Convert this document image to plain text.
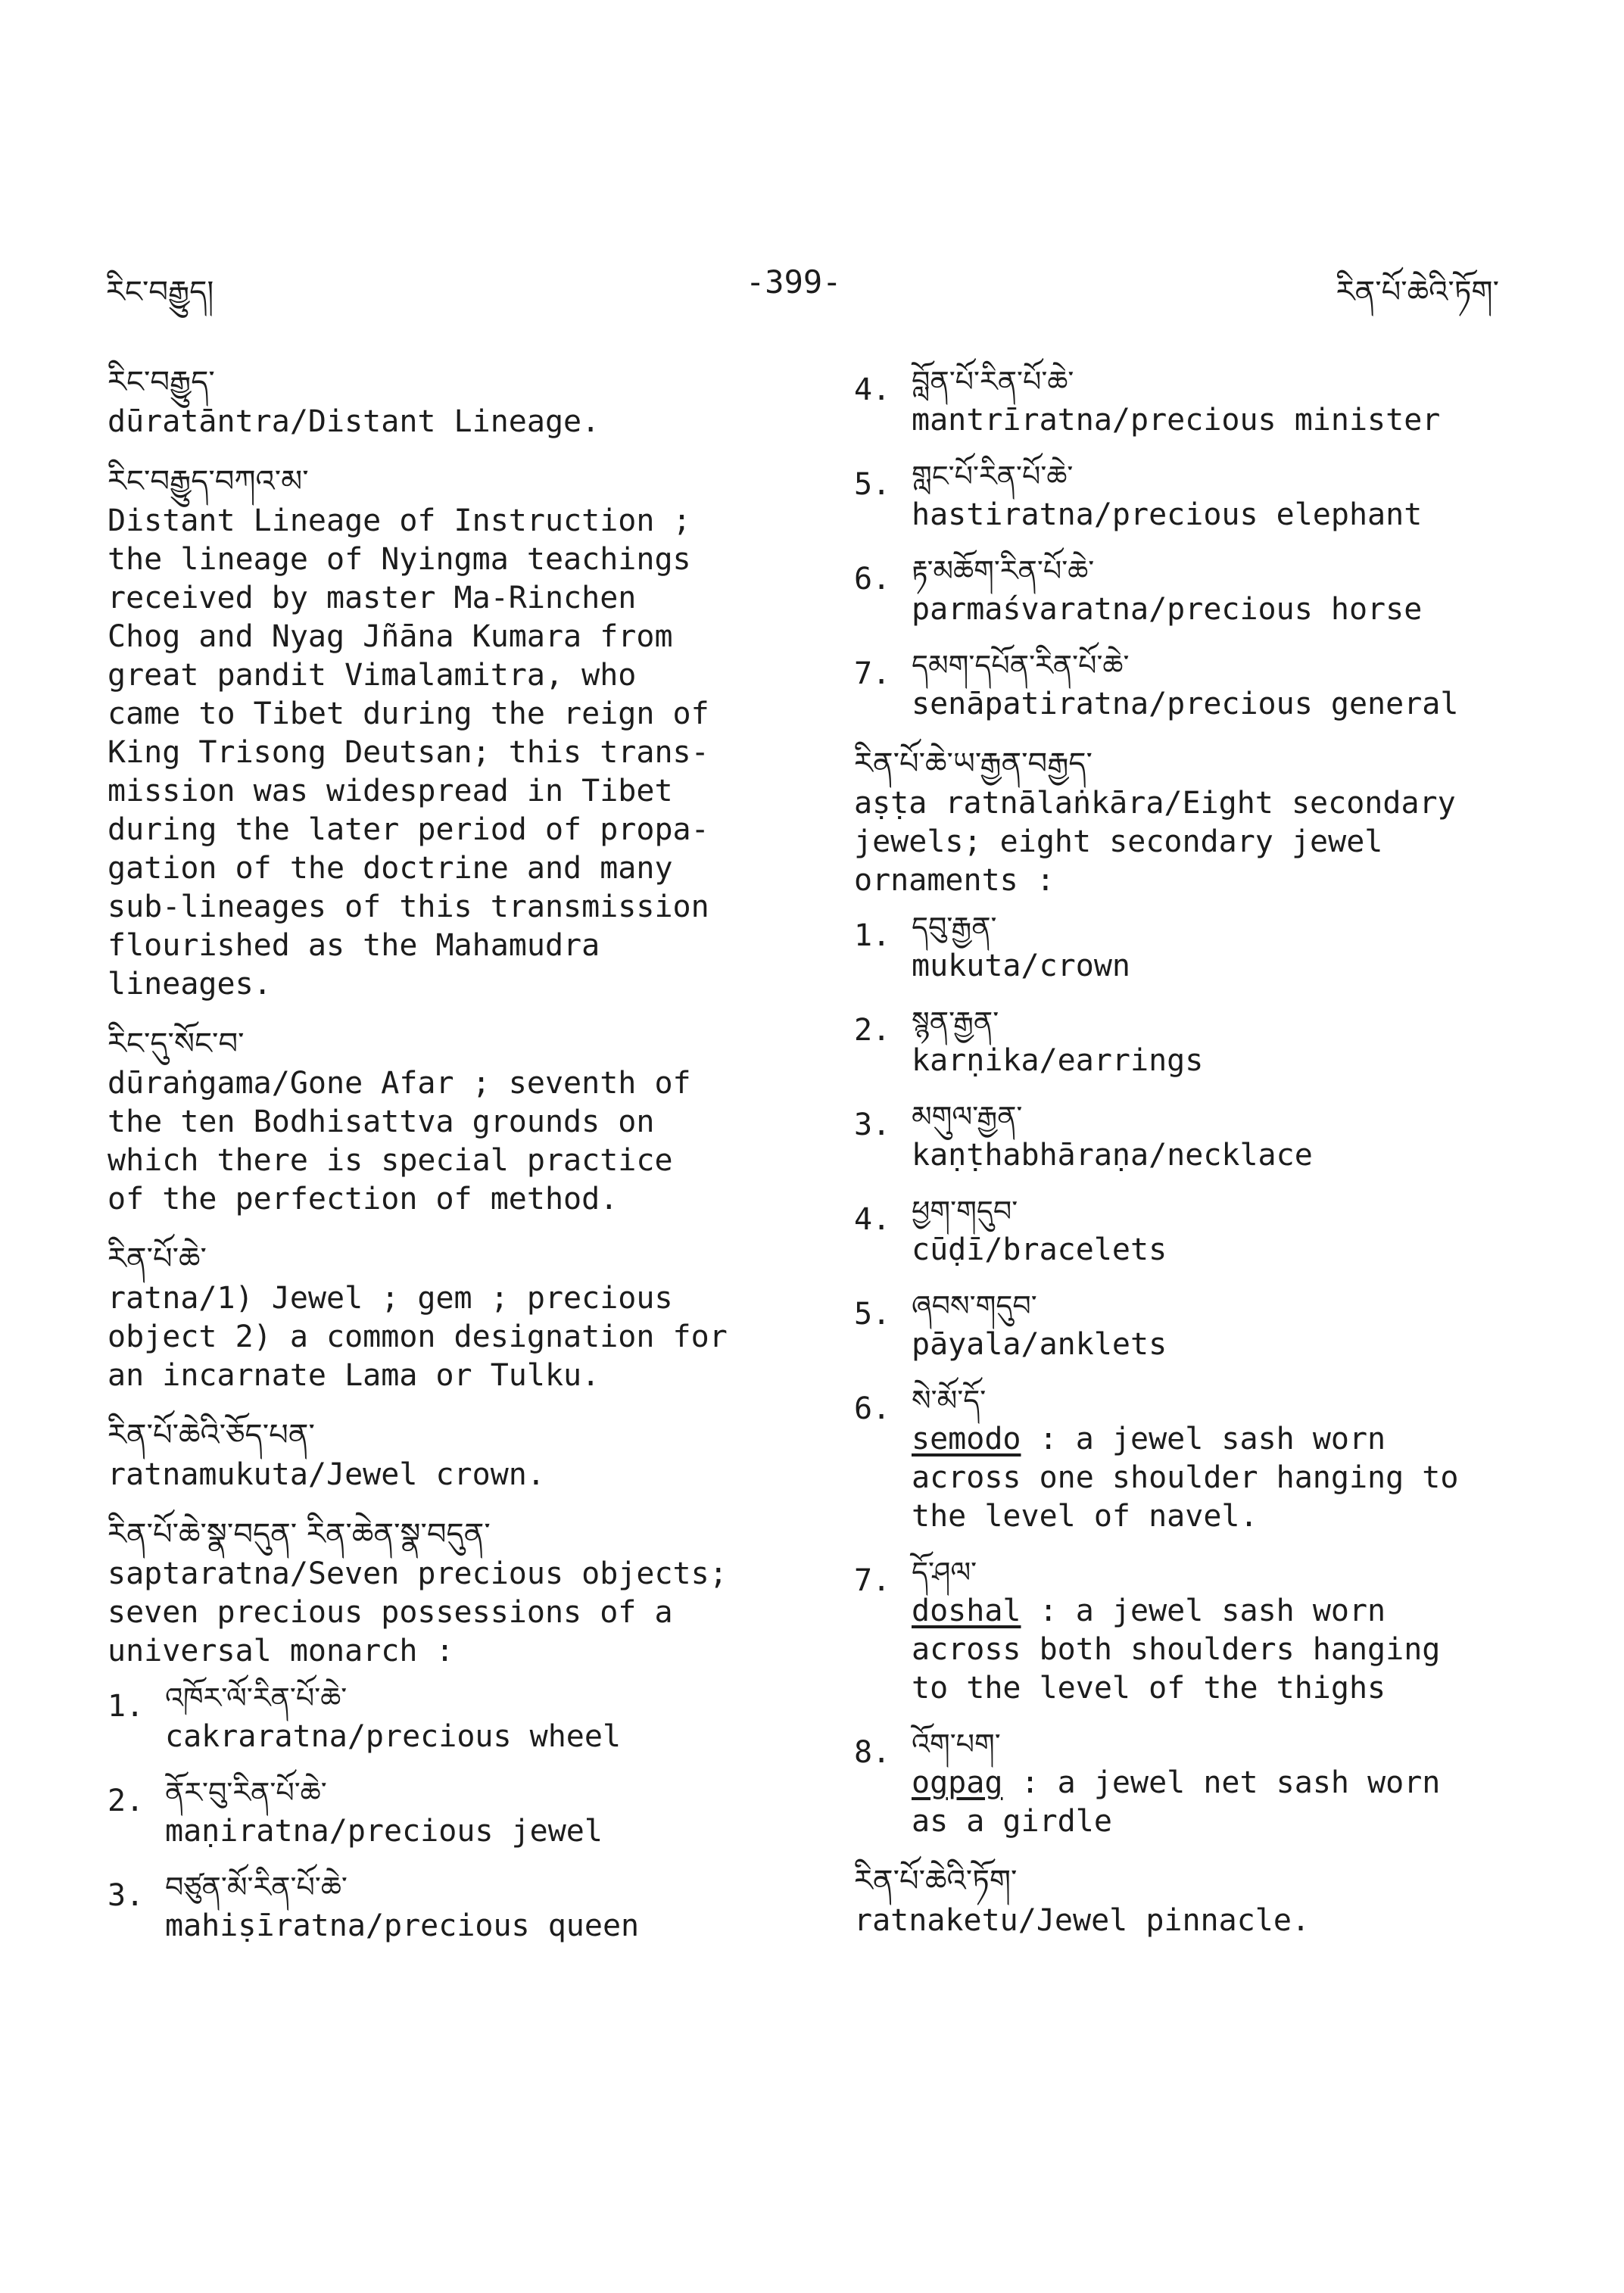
རིང་བརྒྱུད།	-399-	རིན་པོ་ཆེའི་ཏོག་
རིང་བརྒྱུད་
dūratāntra/Distant Lineage.
རིང་བརྒྱུད་བཀའ་མ་
Distant Lineage of Instruction ;
the lineage of Nyingma teachings
received by master Ma-Rinchen
Chog and Nyag Jñāna Kumara from
great pandit Vimalamitra, who
came to Tibet during the reign of
King Trisong Deutsan; this trans-
mission was widespread in Tibet
during the later period of propa-
gation of the doctrine and many
sub-lineages of this transmission
flourished as the Mahamudra
lineages.
རིང་དུ་སོང་བ་
dūraṅgama/Gone Afar ; seventh of
the ten Bodhisattva grounds on
which there is special practice
of the perfection of method.
རིན་པོ་ཆེ་
ratna/1) Jewel ; gem ; precious
object 2) a common designation for
an incarnate Lama or Tulku.
རིན་པོ་ཆེའི་ཅོད་པན་
ratnamukuta/Jewel crown.
རིན་པོ་ཆེ་སྣ་བདུན་ རིན་ཆེན་སྣ་བདུན་
saptaratna/Seven precious objects;
seven precious possessions of a
universal monarch :
1. འཁོར་ལོ་རིན་པོ་ཆེ་
cakraratna/precious wheel
2. ནོར་བུ་རིན་པོ་ཆེ་
maṇiratna/precious jewel
3. བཙུན་མོ་རིན་པོ་ཆེ་
mahiṣīratna/precious queen
4. བློན་པོ་རིན་པོ་ཆེ་
mantrīratna/precious minister
5. གླང་པོ་རིན་པོ་ཆེ་
hastiratna/precious elephant
6. རྟ་མཆོག་རིན་པོ་ཆེ་
parmaśvaratna/precious horse
7. དམག་དཔོན་རིན་པོ་ཆེ་
senāpatiratna/precious general
རིན་པོ་ཆེ་ཡ་རྒྱན་བརྒྱད་
aṣṭa ratnālaṅkāra/Eight secondary
jewels; eight secondary jewel
ornaments :
1. དབུ་རྒྱན་
mukuta/crown
2. སྙན་རྒྱན་
karṇika/earrings
3. མགུལ་རྒྱན་
kaṇṭhabhāraṇa/necklace
4. ཕྱག་གདུབ་
cūḍī/bracelets
5. ཞབས་གདུབ་
pāyala/anklets
6. སེ་མོ་དོ་
semodo : a jewel sash worn
across one shoulder hanging to
the level of navel.
7. དོ་ཤལ་
doshal : a jewel sash worn
across both shoulders hanging
to the level of the thighs
8. འོག་པག་
ogpag : a jewel net sash worn
as a girdle
རིན་པོ་ཆེའི་ཏོག་
ratnaketu/Jewel pinnacle.
